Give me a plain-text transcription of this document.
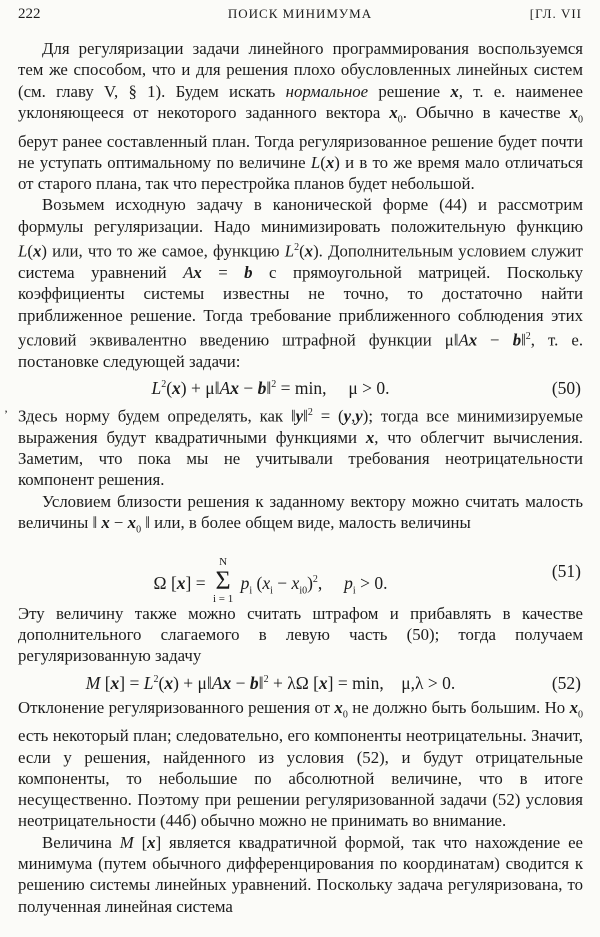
222	ПОИСК МИНИМУМА	[ГЛ. VII
’

Для регуляризации задачи линейного программирования воспользуемся тем же способом, что и для решения плохо обусловленных линейных систем (см. главу V, § 1). Будем искать нормальное решение x, т. е. наименее уклоняющееся от некоторого заданного вектора $x_0$. Обычно в качестве $x_0$ берут ранее составленный план. Тогда регуляризованное решение будет почти не уступать оптимальному по величине L(x) и в то же время мало отличаться от старого плана, так что перестройка планов будет небольшой.

Возьмем исходную задачу в канонической форме (44) и рассмотрим формулы регуляризации. Надо минимизировать положительную функцию L(x) или, что то же самое, функцию $L^2(x)$. Дополнительным условием служит система уравнений Ax = b с прямоугольной матрицей. Поскольку коэффициенты системы известны не точно, то достаточно найти приближенное решение. Тогда требование приближенного соблюдения этих условий эквивалентно введению штрафной функции μ‖Ax − b‖$^2$, т. е. постановке следующей задачи:

$L^2(x)$ + μ‖Ax − b‖$^2$ = min, μ > 0.	(50)

Здесь норму будем определять, как ‖y‖$^2$ = (y,y); тогда все минимизируемые выражения будут квадратичными функциями x, что облегчит вычисления. Заметим, что пока мы не учитывали требования неотрицательности компонент решения.

Условием близости решения к заданному вектору можно считать малость величины ‖ $x - x_0$ ‖ или, в более общем виде, малость величины

Ω [x] =
N
Σ
i = 1
$p_i$ $(x_i - x_{i0})^2$,     $p_i > 0$.
(51)

Эту величину также можно считать штрафом и прибавлять в качестве дополнительного слагаемого в левую часть (50); тогда получаем регуляризованную задачу

M $[x] = L^2(x)$ + μ‖Ax − b‖$^2$ + λΩ [x] = min, μ,λ > 0.	(52)

Отклонение регуляризованного решения от $x_0$ не должно быть большим. Но $x_0$ есть некоторый план; следовательно, его компоненты неотрицательны. Значит, если у решения, найденного из условия (52), и будут отрицательные компоненты, то небольшие по абсолютной величине, что в итоге несущественно. Поэтому при решении регуляризованной задачи (52) условия неотрицательности (44б) обычно можно не принимать во внимание.

Величина M [x] является квадратичной формой, так что нахождение ее минимума (путем обычного дифференцирования по координатам) сводится к решению системы линейных уравнений. Поскольку задача регуляризована, то полученная линейная система
